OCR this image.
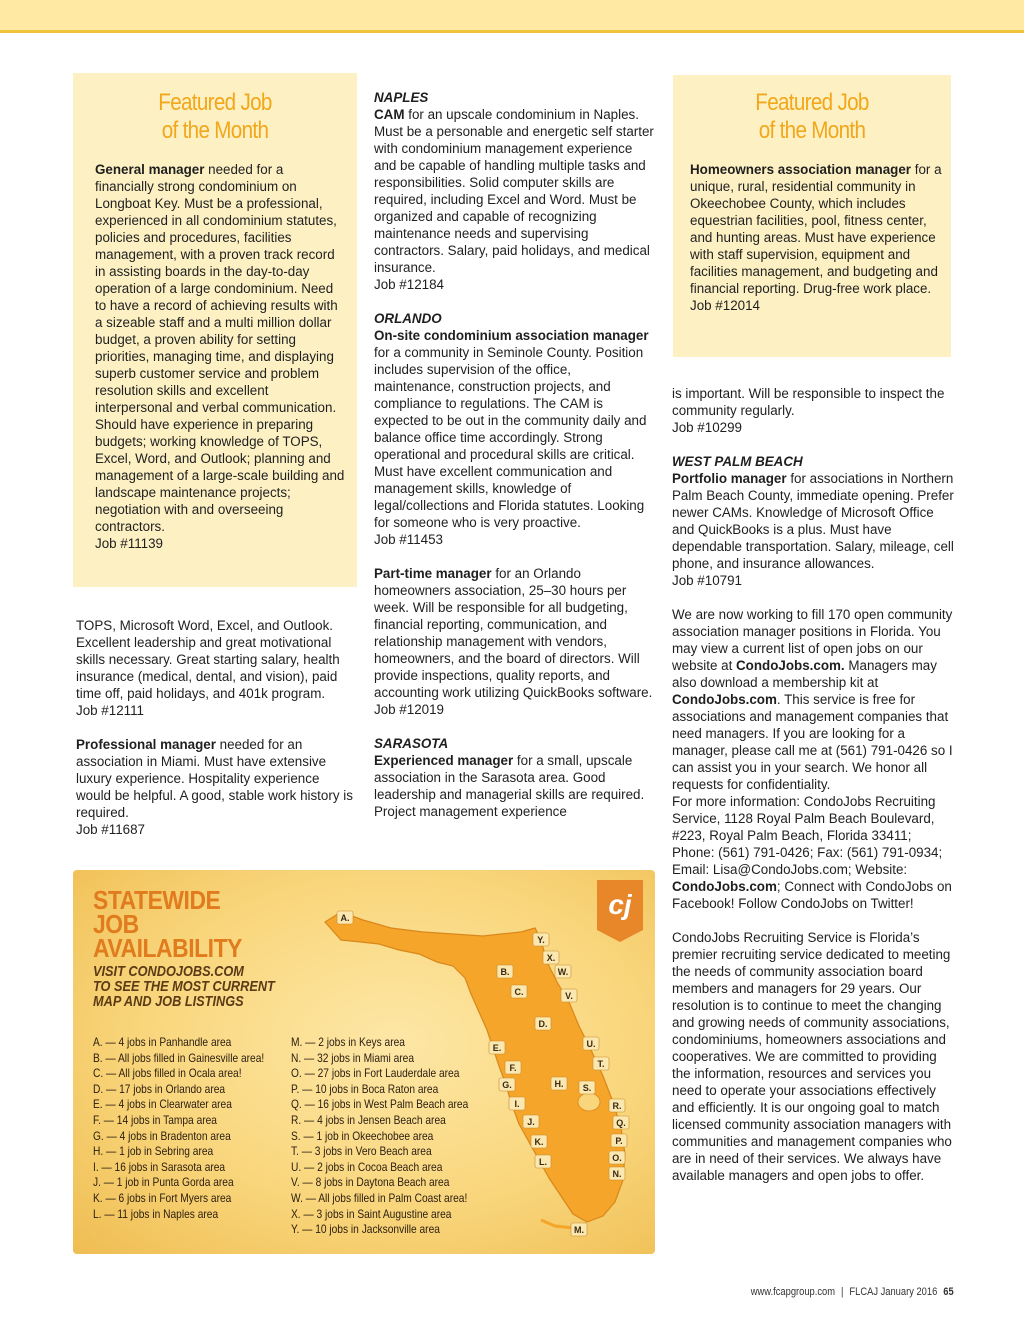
Featured Job
of the Month

General manager needed for a financially strong condominium on Longboat Key. Must be a professional, experienced in all condominium statutes, policies and procedures, facilities management, with a proven track record in assisting boards in the day-to-day operation of a large condominium. Need to have a record of achieving results with a sizeable staff and a multi million dollar budget, a proven ability for setting priorities, managing time, and displaying superb customer service and problem resolution skills and excellent interpersonal and verbal communication. Should have experience in preparing budgets; working knowledge of TOPS, Excel, Word, and Outlook; planning and management of a large-scale building and landscape maintenance projects; negotiation with and overseeing contractors.

Job #11139

TOPS, Microsoft Word, Excel, and Outlook. Excellent leadership and great motivational skills necessary. Great starting salary, health insurance (medical, dental, and vision), paid time off, paid holidays, and 401k program.

Job #12111

Professional manager needed for an association in Miami. Must have extensive luxury experience. Hospitality experience would be helpful. A good, stable work history is required.

Job #11687

NAPLES

CAM for an upscale condominium in Naples. Must be a personable and energetic self starter with condominium management experience and be capable of handling multiple tasks and responsibilities. Solid computer skills are required, including Excel and Word. Must be organized and capable of recognizing maintenance needs and supervising contractors. Salary, paid holidays, and medical insurance.

Job #12184

ORLANDO

On-site condominium association manager for a community in Seminole County. Position includes supervision of the office, maintenance, construction projects, and compliance to regulations. The CAM is expected to be out in the community daily and balance office time accordingly. Strong operational and procedural skills are critical. Must have excellent communication and management skills, knowledge of legal/collections and Florida statutes. Looking for someone who is very proactive.

Job #11453

Part-time manager for an Orlando homeowners association, 25–30 hours per week. Will be responsible for all budgeting, financial reporting, communication, and relationship management with vendors, homeowners, and the board of directors. Will provide inspections, quality reports, and accounting work utilizing QuickBooks software.

Job #12019

SARASOTA

Experienced manager for a small, upscale association in the Sarasota area. Good leadership and managerial skills are required. Project management experience

Featured Job
of the Month

Homeowners association manager for a unique, rural, residential community in Okeechobee County, which includes equestrian facilities, pool, fitness center, and hunting areas. Must have experience with staff supervision, equipment and facilities management, and budgeting and financial reporting. Drug-free work place.

Job #12014

is important. Will be responsible to inspect the community regularly.

Job #10299

WEST PALM BEACH

Portfolio manager for associations in Northern Palm Beach County, immediate opening. Prefer newer CAMs. Knowledge of Microsoft Office and QuickBooks is a plus. Must have dependable transportation. Salary, mileage, cell phone, and insurance allowances.

Job #10791

We are now working to fill 170 open community association manager positions in Florida. You may view a current list of open jobs on our website at CondoJobs.com. Managers may also download a membership kit at CondoJobs.com. This service is free for associations and management companies that need managers. If you are looking for a manager, please call me at (561) 791-0426 so I can assist you in your search. We honor all requests for confidentiality.

For more information: CondoJobs Recruiting Service, 1128 Royal Palm Beach Boulevard, #223, Royal Palm Beach, Florida 33411; Phone: (561) 791-0426; Fax: (561) 791-0934; Email: Lisa@CondoJobs.com; Website: CondoJobs.com; Connect with CondoJobs on Facebook! Follow CondoJobs on Twitter!

CondoJobs Recruiting Service is Florida’s premier recruiting service dedicated to meeting the needs of community association board members and managers for 29 years. Our resolution is to continue to meet the changing and growing needs of community associations, condominiums, homeowners associations and cooperatives. We are committed to providing the information, resources and services you need to operate your associations effectively and efficiently. It is our ongoing goal to match licensed community association managers with communities and management companies who are in need of their services. We always have available managers and open jobs to offer.

A.
Y.
X.
W.
B.
C.	V.
D.
U.
E.
F.	T.
G.	H. S.
I.	R.
J.	Q.
K.	P.
L.	O.
N.
M.
STATEWIDE
JOB
AVAILABILITY
VISIT CONDOJOBS.COM
TO SEE THE MOST CURRENT
MAP AND JOB LISTINGS
cj
A. — 4 jobs in Panhandle area
B. — All jobs filled in Gainesville area!
C. — All jobs filled in Ocala area!
D. — 17 jobs in Orlando area
E. — 4 jobs in Clearwater area
F. — 14 jobs in Tampa area
G. — 4 jobs in Bradenton area
H. — 1 job in Sebring area
I. — 16 jobs in Sarasota area
J. — 1 job in Punta Gorda area
K. — 6 jobs in Fort Myers area
L. — 11 jobs in Naples area
M. — 2 jobs in Keys area
N. — 32 jobs in Miami area
O. — 27 jobs in Fort Lauderdale area
P. — 10 jobs in Boca Raton area
Q. — 16 jobs in West Palm Beach area
R. — 4 jobs in Jensen Beach area
S. — 1 job in Okeechobee area
T. — 3 jobs in Vero Beach area
U. — 2 jobs in Cocoa Beach area
V. — 8 jobs in Daytona Beach area
W. — All jobs filled in Palm Coast area!
X. — 3 jobs in Saint Augustine area
Y. — 10 jobs in Jacksonville area
www.fcapgroup.com | FLCAJ January 2016 65
